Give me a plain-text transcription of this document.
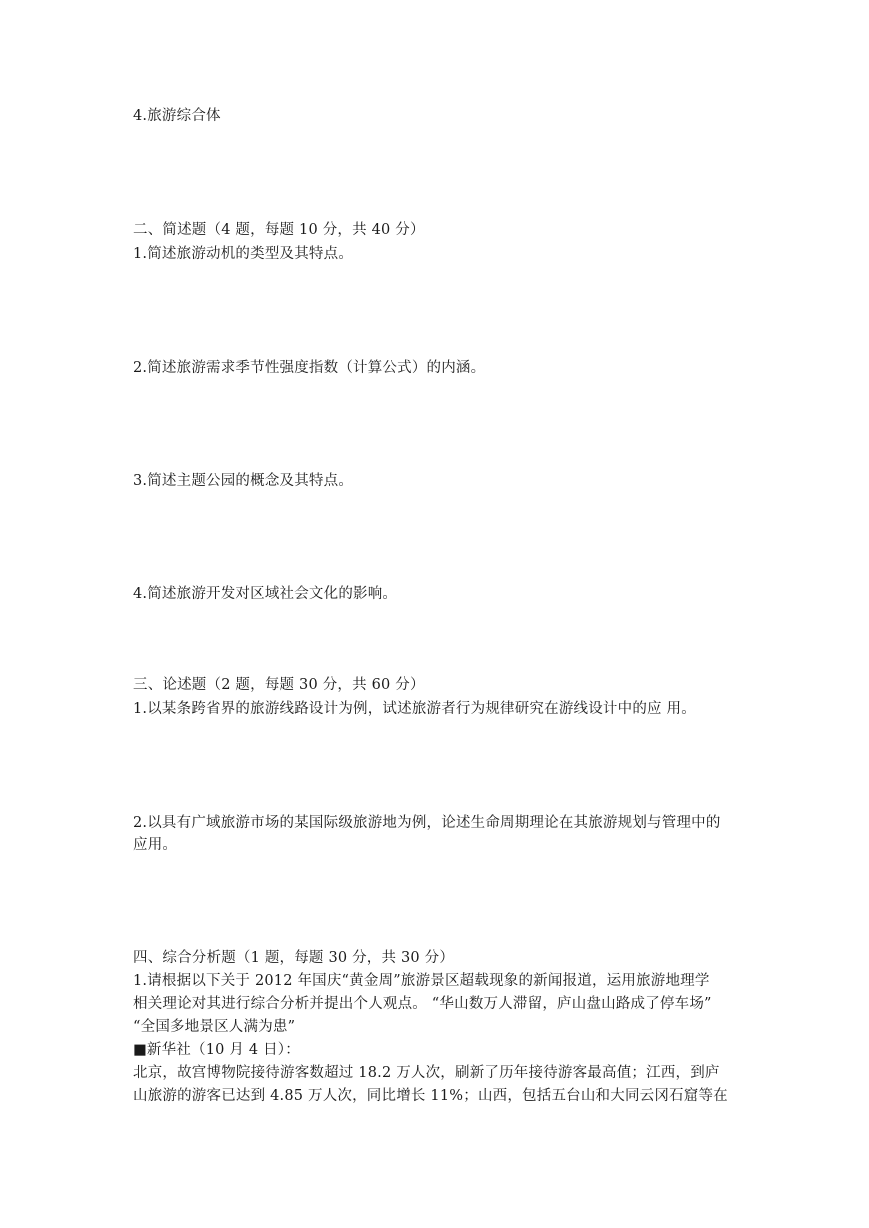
4.旅游综合体
二、简述题（4 题，每题 10 分，共 40 分）
1.简述旅游动机的类型及其特点。
2.简述旅游需求季节性强度指数（计算公式）的内涵。
3.简述主题公园的概念及其特点。
4.简述旅游开发对区域社会文化的影响。
三、论述题（2 题，每题 30 分，共 60 分）
1.以某条跨省界的旅游线路设计为例，试述旅游者行为规律研究在游线设计中的应 用。
2.以具有广域旅游市场的某国际级旅游地为例，论述生命周期理论在其旅游规划与管理中的
应用。
四、综合分析题（1 题，每题 30 分，共 30 分）
1.请根据以下关于 2012 年国庆“黄金周”旅游景区超载现象的新闻报道，运用旅游地理学
相关理论对其进行综合分析并提出个人观点。 “华山数万人滞留，庐山盘山路成了停车场”
“全国多地景区人满为患”
■新华社（10 月 4 日）：
北京，故宫博物院接待游客数超过 18.2 万人次，刷新了历年接待游客最高值；江西，到庐
山旅游的游客已达到 4.85 万人次，同比增长 11%；山西，包括五台山和大同云冈石窟等在
